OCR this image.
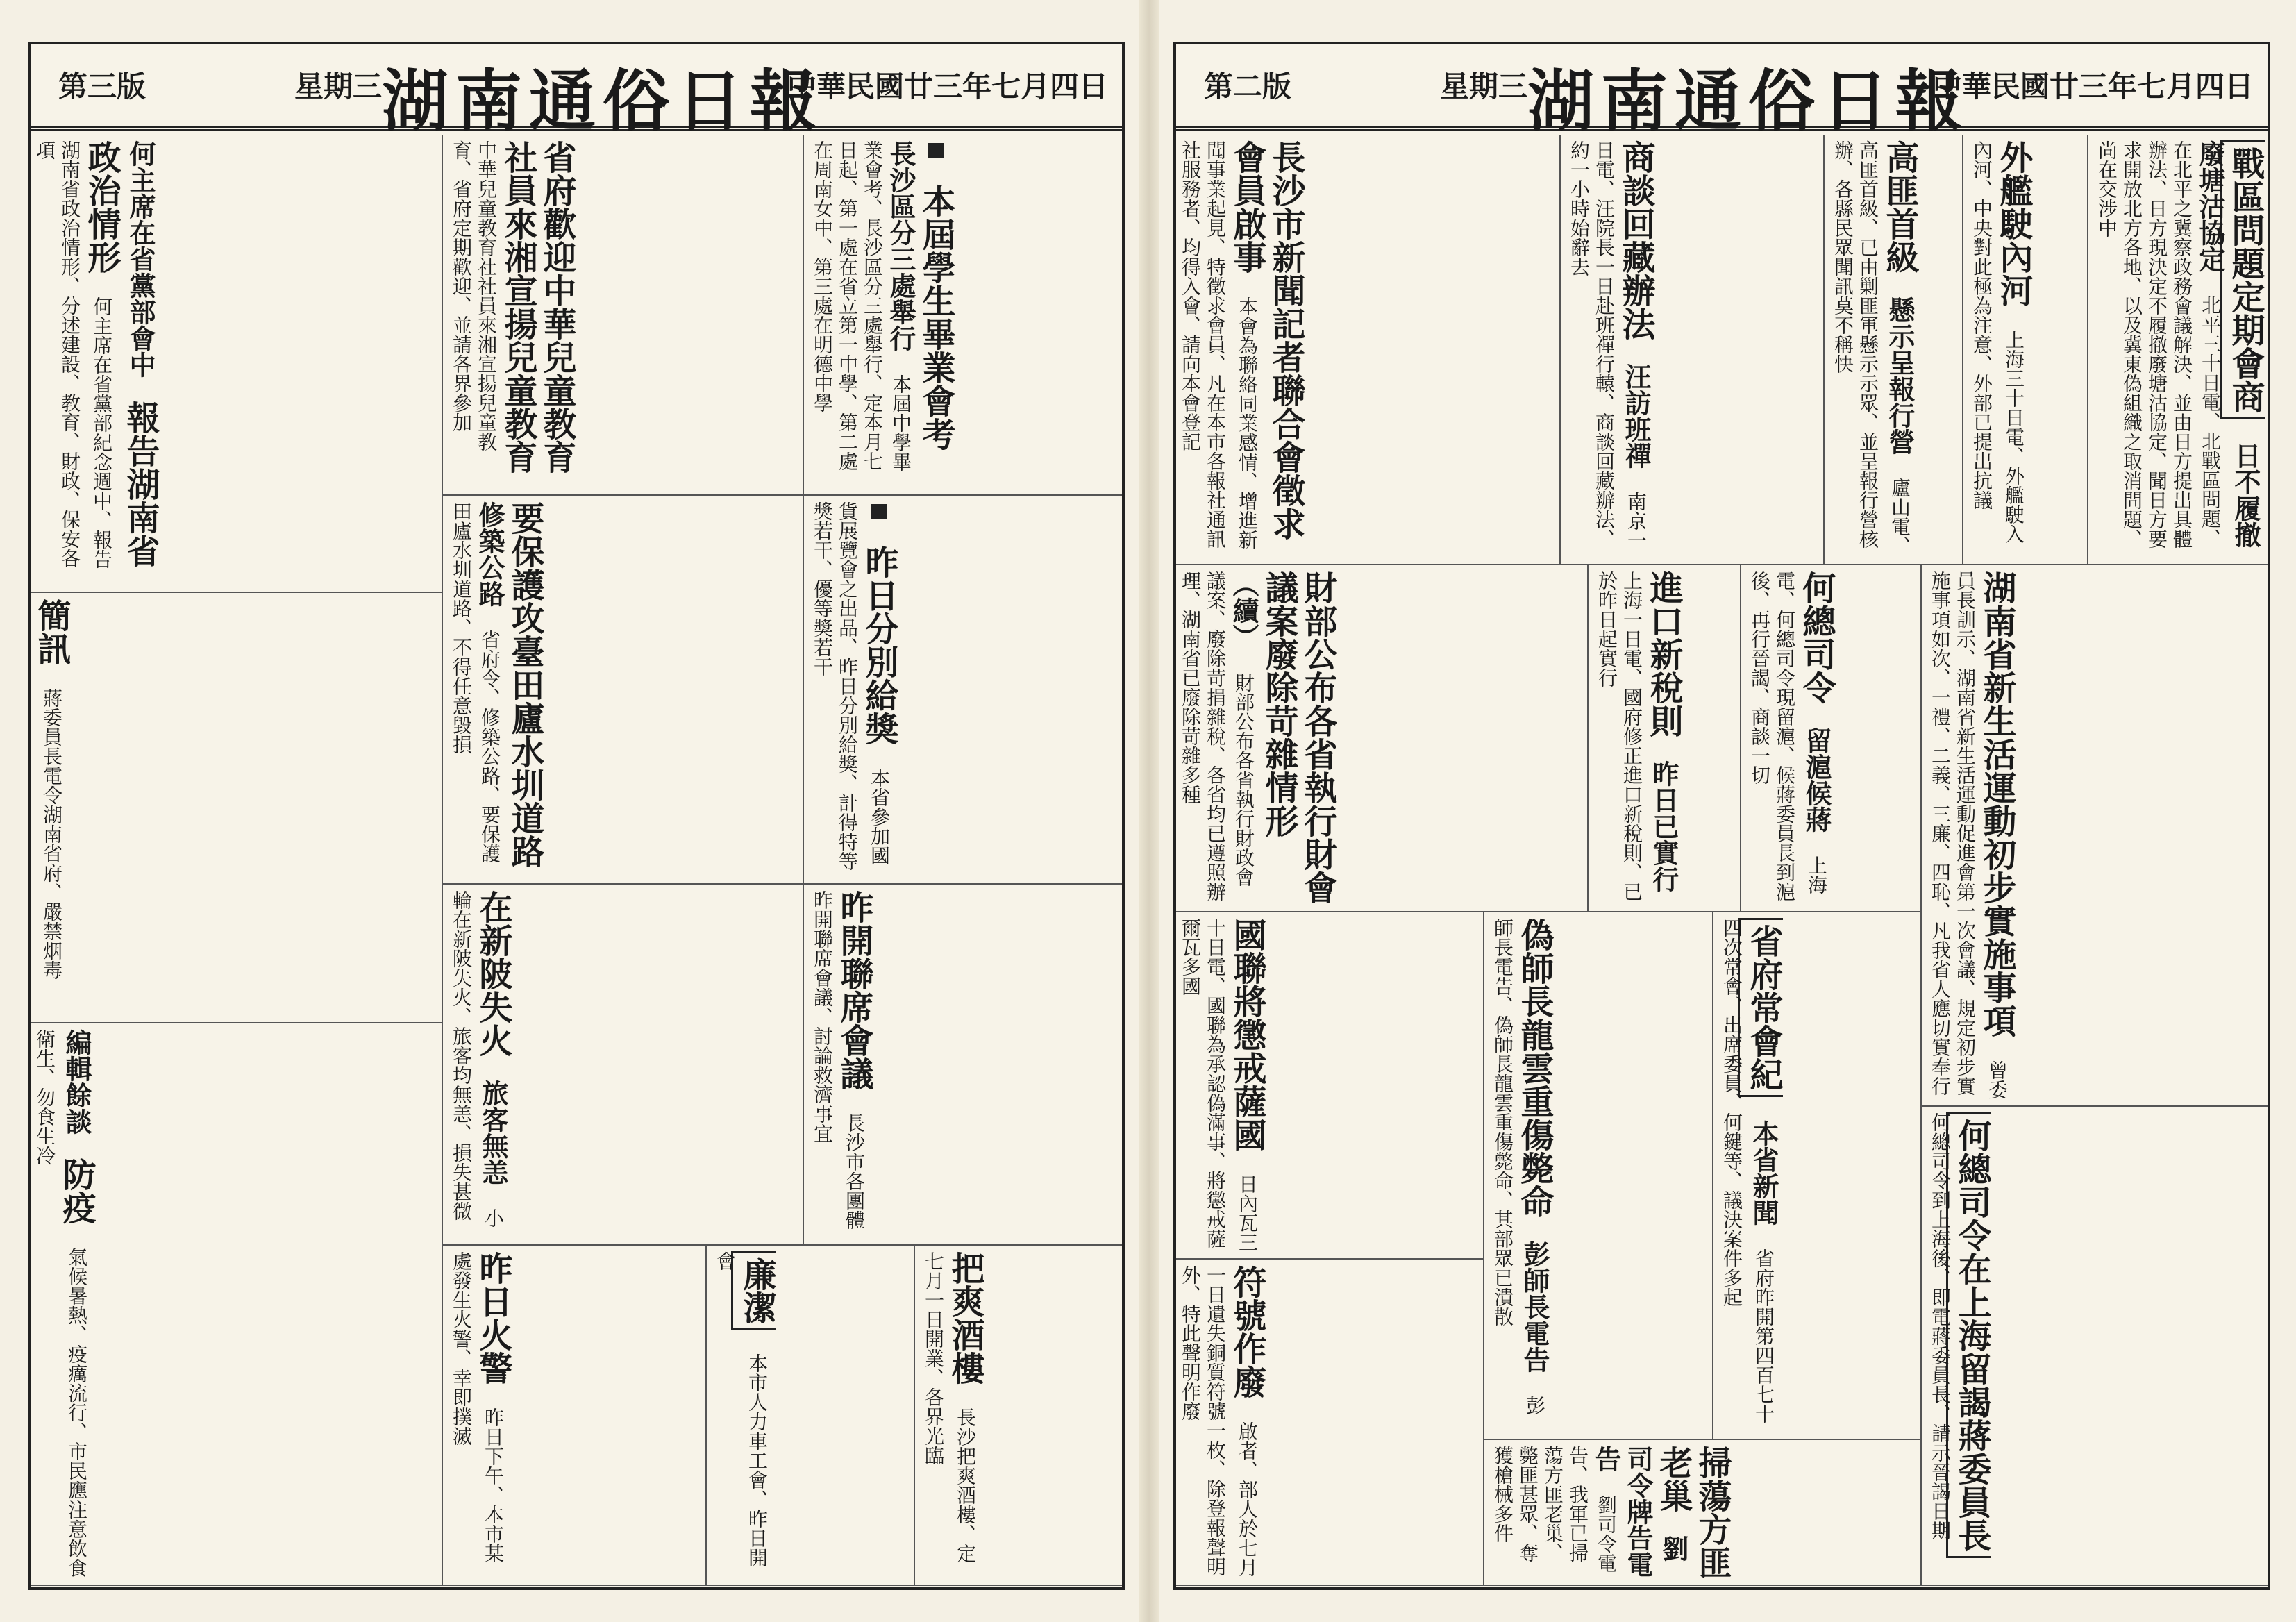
中華民國廿三年七月四日
湖南通俗日報
星期三
第二版
戰區問題定期會商 日不履撤廢塘沽協定 北平三十日電、北戰區問題、在北平之冀察政務會議解決、並由日方提出具體辦法、日方現決定不履撤廢塘沽協定、聞日方要求開放北方各地、以及冀東偽組織之取消問題、尚在交涉中
外艦駛內河 上海三十日電、外艦駛入內河、中央對此極為注意、外部已提出抗議
高匪首級 懸示呈報行營 廬山電、高匪首級、已由剿匪軍懸示示眾、並呈報行營核辦、各縣民眾聞訊莫不稱快
商談回藏辦法 汪訪班禪 南京一日電、汪院長一日赴班禪行轅、商談回藏辦法、約一小時始辭去
長沙市新聞記者聯合會徵求會員啟事 本會為聯絡同業感情、增進新聞事業起見、特徵求會員、凡在本市各報社通訊社服務者、均得入會、請向本會登記
湖南省新生活運動初步實施事項 曾委員長訓示、湖南省新生活運動促進會第一次會議、規定初步實施事項如次、一禮、二義、三廉、四恥、凡我省人應切實奉行
何總司令 留滬候蔣 上海電、何總司令現留滬、候蔣委員長到滬後、再行晉謁、商談一切
進口新稅則 昨日已實行 上海一日電、國府修正進口新稅則、已於昨日起實行
財部公布各省執行財會議案廢除苛雜情形 （續） 財部公布各省執行財政會議案、廢除苛捐雜稅、各省均已遵照辦理、湖南省已廢除苛雜多種
省府常會紀 本省新聞 省府昨開第四百七十四次常會、出席委員、何鍵等、議決案件多起
偽師長龍雲重傷斃命 彭師長電告 彭師長電告、偽師長龍雲重傷斃命、其部眾已潰散
國聯將懲戒薩國 日內瓦三十日電、國聯為承認偽滿事、將懲戒薩爾瓦多國
何總司令在上海留謁蔣委員長 何總司令到上海後、即電蔣委員長、請示晉謁日期
掃蕩方匪老巢 劉司令牌告電告 劉司令電告、我軍已掃蕩方匪老巢、斃匪甚眾、奪獲槍械多件
符號作廢 啟者、部人於七月一日遺失銅質符號一枚、除登報聲明外、特此聲明作廢
中華民國廿三年七月四日
湖南通俗日報
星期三
第三版
本屆學生畢業會考 長沙區分三處舉行 本屆中學畢業會考、長沙區分三處舉行、定本月七日起、第一處在省立第一中學、第二處在周南女中、第三處在明德中學
省府歡迎中華兒童教育社員來湘宣揚兒童教育 中華兒童教育社社員來湘宣揚兒童教育、省府定期歡迎、並請各界參加
何主席在省黨部會中 報告湖南省政治情形 何主席在省黨部紀念週中、報告湖南省政治情形、分述建設、教育、財政、保安各項
昨日分別給獎 本省參加國貨展覽會之出品、昨日分別給獎、計得特等獎若干、優等獎若干
要保護攻臺田廬水圳道路 修築公路 省府令、修築公路、要保護田廬水圳道路、不得任意毀損
簡訊 蔣委員長電令湖南省府、嚴禁烟毒
昨開聯席會議 長沙市各團體昨開聯席會議、討論救濟事宜
在新陂失火 旅客無恙 小輪在新陂失火、旅客均無恙、損失甚微
把爽酒樓 長沙把爽酒樓、定七月一日開業、各界光臨
廉潔 本市人力車工會、昨日開會
昨日火警 昨日下午、本市某處發生火警、幸即撲滅
編輯餘談 防疫 氣候暑熱、疫癘流行、市民應注意飲食衛生、勿食生冷
